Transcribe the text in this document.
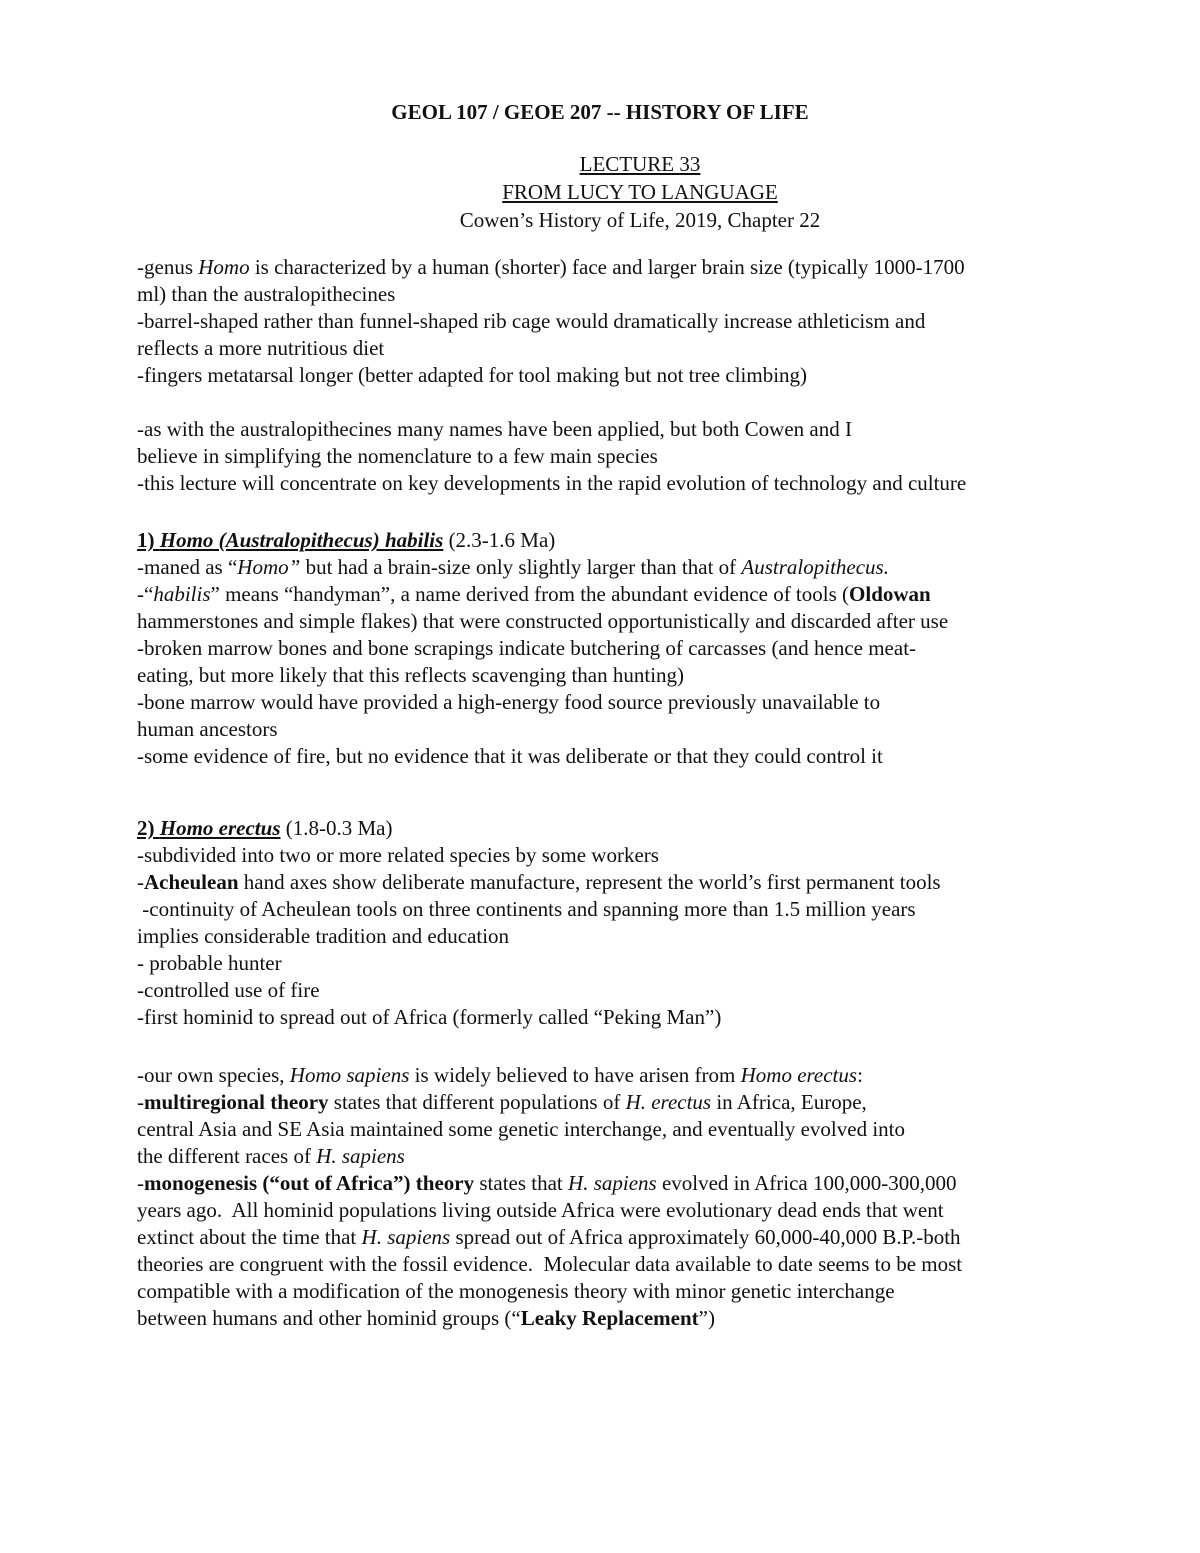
GEOL 107 / GEOE 207 -- HISTORY OF LIFE
LECTURE 33
FROM LUCY TO LANGUAGE
Cowen’s History of Life, 2019, Chapter 22
-genus Homo is characterized by a human (shorter) face and larger brain size (typically 1000-1700
ml) than the australopithecines
-barrel-shaped rather than funnel-shaped rib cage would dramatically increase athleticism and
reflects a more nutritious diet
-fingers metatarsal longer (better adapted for tool making but not tree climbing)
-as with the australopithecines many names have been applied, but both Cowen and I
believe in simplifying the nomenclature to a few main species
-this lecture will concentrate on key developments in the rapid evolution of technology and culture
1) Homo (Australopithecus) habilis (2.3-1.6 Ma)
-maned as “Homo” but had a brain-size only slightly larger than that of Australopithecus.
-“habilis” means “handyman”, a name derived from the abundant evidence of tools (Oldowan
hammerstones and simple flakes) that were constructed opportunistically and discarded after use
-broken marrow bones and bone scrapings indicate butchering of carcasses (and hence meat-
eating, but more likely that this reflects scavenging than hunting)
-bone marrow would have provided a high-energy food source previously unavailable to
human ancestors
-some evidence of fire, but no evidence that it was deliberate or that they could control it
2) Homo erectus (1.8-0.3 Ma)
-subdivided into two or more related species by some workers
-Acheulean hand axes show deliberate manufacture, represent the world’s first permanent tools
-continuity of Acheulean tools on three continents and spanning more than 1.5 million years
implies considerable tradition and education
- probable hunter
-controlled use of fire
-first hominid to spread out of Africa (formerly called “Peking Man”)
-our own species, Homo sapiens is widely believed to have arisen from Homo erectus:
-multiregional theory states that different populations of H. erectus in Africa, Europe,
central Asia and SE Asia maintained some genetic interchange, and eventually evolved into
the different races of H. sapiens
-monogenesis (“out of Africa”) theory states that H. sapiens evolved in Africa 100,000-300,000
years ago.  All hominid populations living outside Africa were evolutionary dead ends that went
extinct about the time that H. sapiens spread out of Africa approximately 60,000-40,000 B.P.-both
theories are congruent with the fossil evidence.  Molecular data available to date seems to be most
compatible with a modification of the monogenesis theory with minor genetic interchange
between humans and other hominid groups (“Leaky Replacement”)
